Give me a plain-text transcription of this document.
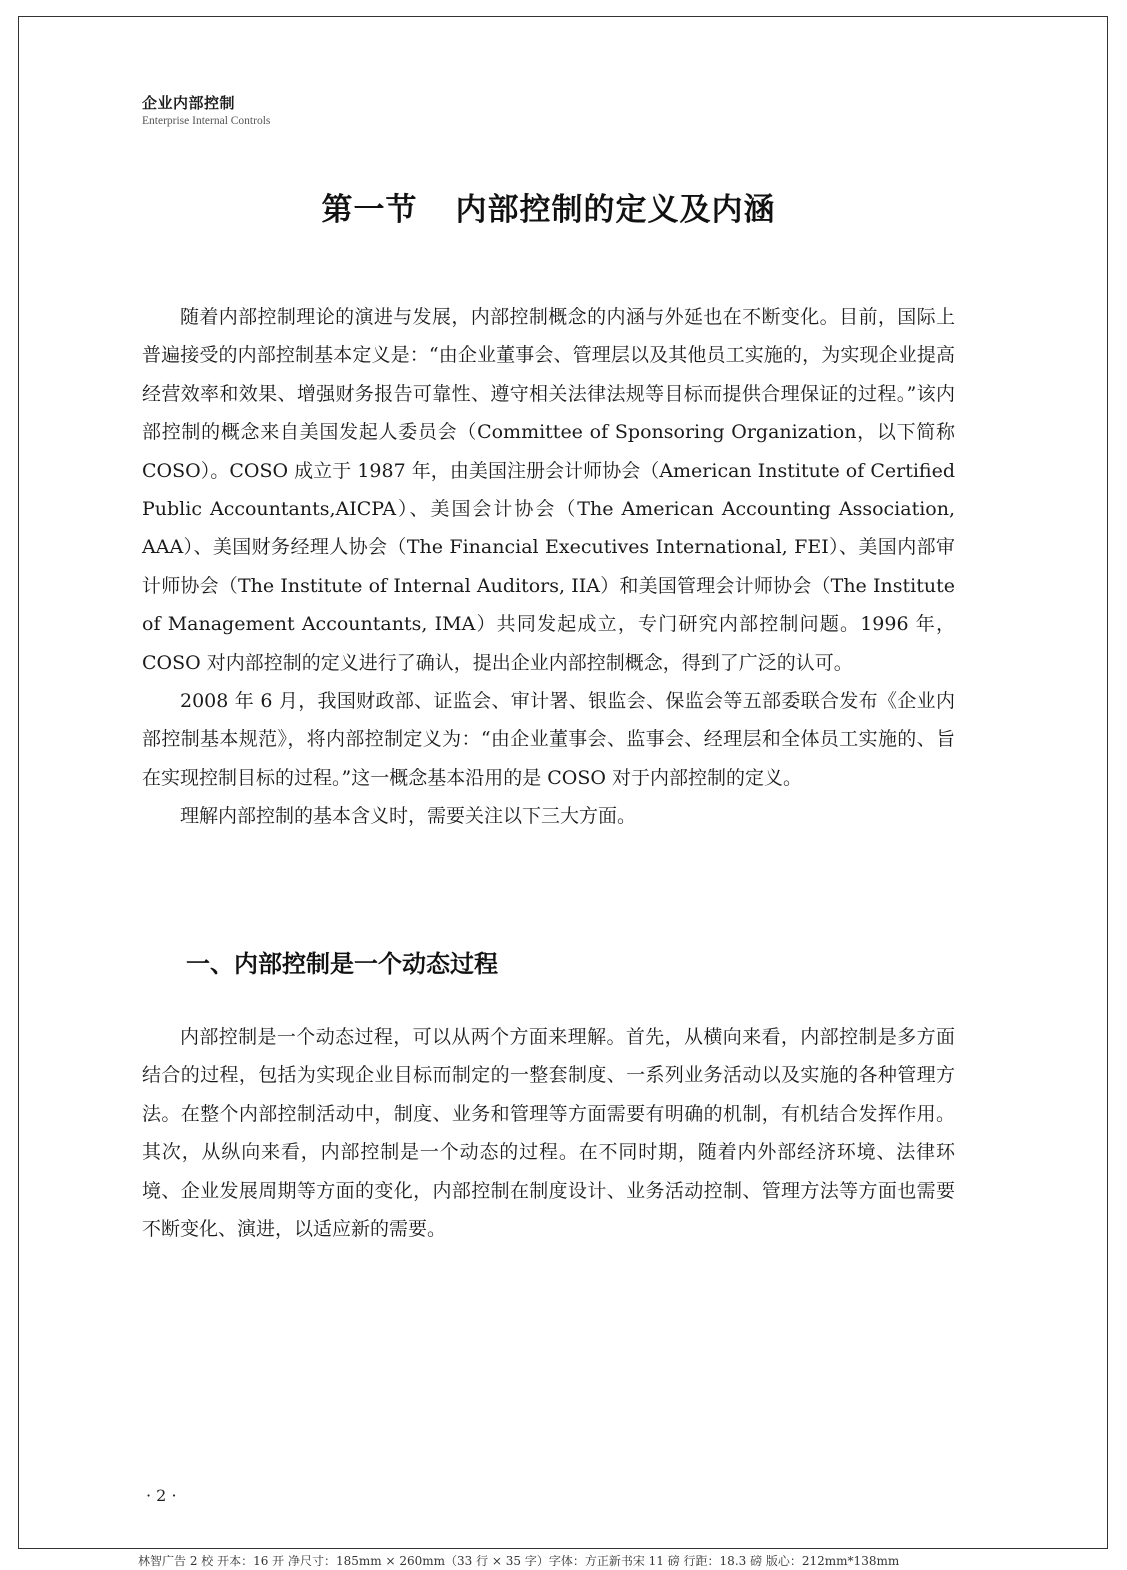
企业内部控制
Enterprise Internal Controls
第一节 内部控制的定义及内涵

随着内部控制理论的演进与发展，内部控制概念的内涵与外延也在不断变化。目前，国际上普遍接受的内部控制基本定义是：“由企业董事会、管理层以及其他员工实施的，为实现企业提高经营效率和效果、增强财务报告可靠性、遵守相关法律法规等目标而提供合理保证的过程。”该内部控制的概念来自美国发起人委员会（Committee of Sponsoring Organization，以下简称 COSO）。COSO 成立于 1987 年，由美国注册会计师协会（American Institute of Certified Public Accountants,AICPA）、美国会计协会（The American Accounting Association, AAA）、美国财务经理人协会（The Financial Executives International, FEI）、美国内部审计师协会（The Institute of Internal Auditors, IIA）和美国管理会计师协会（The Institute of Management Accountants, IMA）共同发起成立，专门研究内部控制问题。1996 年，COSO 对内部控制的定义进行了确认，提出企业内部控制概念，得到了广泛的认可。

2008 年 6 月，我国财政部、证监会、审计署、银监会、保监会等五部委联合发布《企业内部控制基本规范》，将内部控制定义为：“由企业董事会、监事会、经理层和全体员工实施的、旨在实现控制目标的过程。”这一概念基本沿用的是 COSO 对于内部控制的定义。

理解内部控制的基本含义时，需要关注以下三大方面。

一、内部控制是一个动态过程

内部控制是一个动态过程，可以从两个方面来理解。首先，从横向来看，内部控制是多方面结合的过程，包括为实现企业目标而制定的一整套制度、一系列业务活动以及实施的各种管理方法。在整个内部控制活动中，制度、业务和管理等方面需要有明确的机制，有机结合发挥作用。其次，从纵向来看，内部控制是一个动态的过程。在不同时期，随着内外部经济环境、法律环境、企业发展周期等方面的变化，内部控制在制度设计、业务活动控制、管理方法等方面也需要不断变化、演进，以适应新的需要。

· 2 ·
林智广告 2 校 开本：16 开 净尺寸：185mm × 260mm（33 行 × 35 字）字体：方正新书宋 11 磅 行距：18.3 磅 版心：212mm*138mm
